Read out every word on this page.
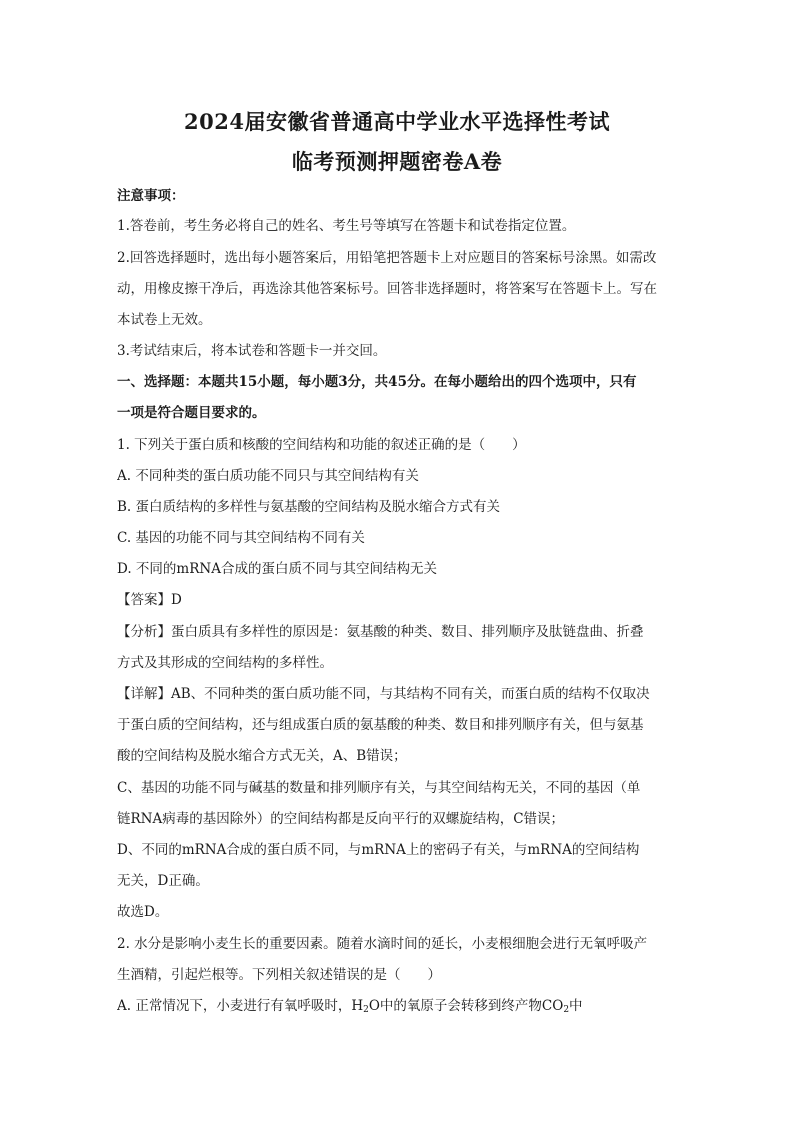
2024届安徽省普通高中学业水平选择性考试
临考预测押题密卷A卷
注意事项：
1.答卷前，考生务必将自己的姓名、考生号等填写在答题卡和试卷指定位置。
2.回答选择题时，选出每小题答案后，用铅笔把答题卡上对应题目的答案标号涂黑。如需改
动，用橡皮擦干净后，再选涂其他答案标号。回答非选择题时，将答案写在答题卡上。写在
本试卷上无效。
3.考试结束后，将本试卷和答题卡一并交回。
一、选择题：本题共15小题，每小题3分，共45分。在每小题给出的四个选项中，只有
一项是符合题目要求的。
1. 下列关于蛋白质和核酸的空间结构和功能的叙述正确的是（　　）
A. 不同种类的蛋白质功能不同只与其空间结构有关
B. 蛋白质结构的多样性与氨基酸的空间结构及脱水缩合方式有关
C. 基因的功能不同与其空间结构不同有关
D. 不同的mRNA合成的蛋白质不同与其空间结构无关
【答案】D
【分析】蛋白质具有多样性的原因是：氨基酸的种类、数目、排列顺序及肽链盘曲、折叠
方式及其形成的空间结构的多样性。
【详解】AB、不同种类的蛋白质功能不同，与其结构不同有关，而蛋白质的结构不仅取决
于蛋白质的空间结构，还与组成蛋白质的氨基酸的种类、数目和排列顺序有关，但与氨基
酸的空间结构及脱水缩合方式无关，A、B错误；
C、基因的功能不同与碱基的数量和排列顺序有关，与其空间结构无关，不同的基因（单
链RNA病毒的基因除外）的空间结构都是反向平行的双螺旋结构，C错误；
D、不同的mRNA合成的蛋白质不同，与mRNA上的密码子有关，与mRNA的空间结构
无关，D正确。
故选D。
2. 水分是影响小麦生长的重要因素。随着水滴时间的延长，小麦根细胞会进行无氧呼吸产
生酒精，引起烂根等。下列相关叙述错误的是（　　）
A. 正常情况下，小麦进行有氧呼吸时，$H_2O$中的氧原子会转移到终产物$CO_2$中
